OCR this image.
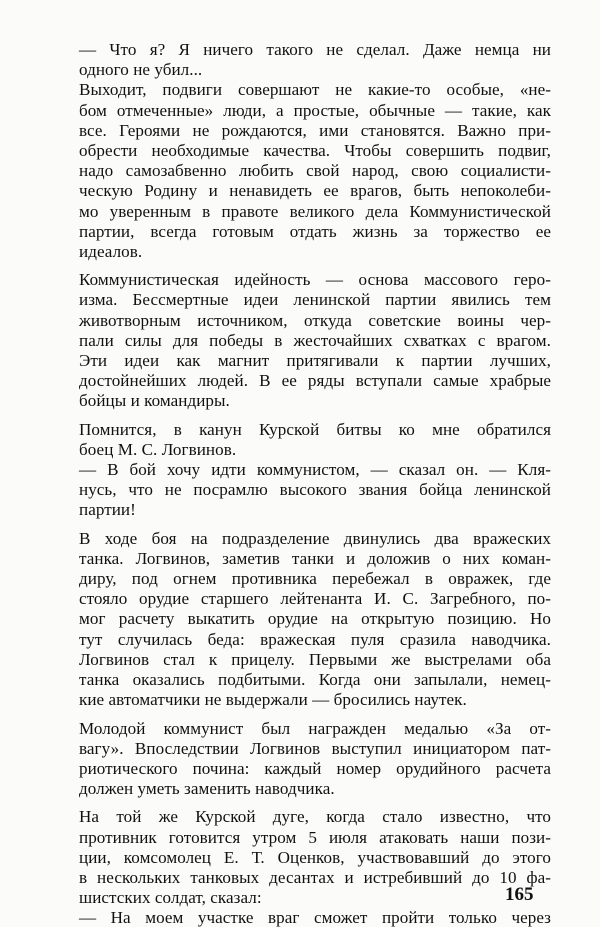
— Что я? Я ничего такого не сделал. Даже немца ни
одного не убил...

Выходит, подвиги совершают не какие-то особые, «не-
бом отмеченные» люди, а простые, обычные — такие, как
все. Героями не рождаются, ими становятся. Важно при-
обрести необходимые качества. Чтобы совершить подвиг,
надо самозабвенно любить свой народ, свою социалисти-
ческую Родину и ненавидеть ее врагов, быть непоколеби-
мо уверенным в правоте великого дела Коммунистической
партии, всегда готовым отдать жизнь за торжество ее
идеалов.

Коммунистическая идейность — основа массового геро-
изма. Бессмертные идеи ленинской партии явились тем
животворным источником, откуда советские воины чер-
пали силы для победы в жесточайших схватках с врагом.
Эти идеи как магнит притягивали к партии лучших,
достойнейших людей. В ее ряды вступали самые храбрые
бойцы и командиры.

Помнится, в канун Курской битвы ко мне обратился
боец М. С. Логвинов.

— В бой хочу идти коммунистом, — сказал он. — Кля-
нусь, что не посрамлю высокого звания бойца ленинской
партии!

В ходе боя на подразделение двинулись два вражеских
танка. Логвинов, заметив танки и доложив о них коман-
диру, под огнем противника перебежал в овражек, где
стояло орудие старшего лейтенанта И. С. Загребного, по-
мог расчету выкатить орудие на открытую позицию. Но
тут случилась беда: вражеская пуля сразила наводчика.
Логвинов стал к прицелу. Первыми же выстрелами оба
танка оказались подбитыми. Когда они запылали, немец-
кие автоматчики не выдержали — бросились наутек.

Молодой коммунист был награжден медалью «За от-
вагу». Впоследствии Логвинов выступил инициатором пат-
риотического почина: каждый номер орудийного расчета
должен уметь заменить наводчика.

На той же Курской дуге, когда стало известно, что
противник готовится утром 5 июля атаковать наши пози-
ции, комсомолец Е. Т. Оценков, участвовавший до этого
в нескольких танковых десантах и истребивший до 10 фа-
шистских солдат, сказал:

— На моем участке враг сможет пройти только через

165
